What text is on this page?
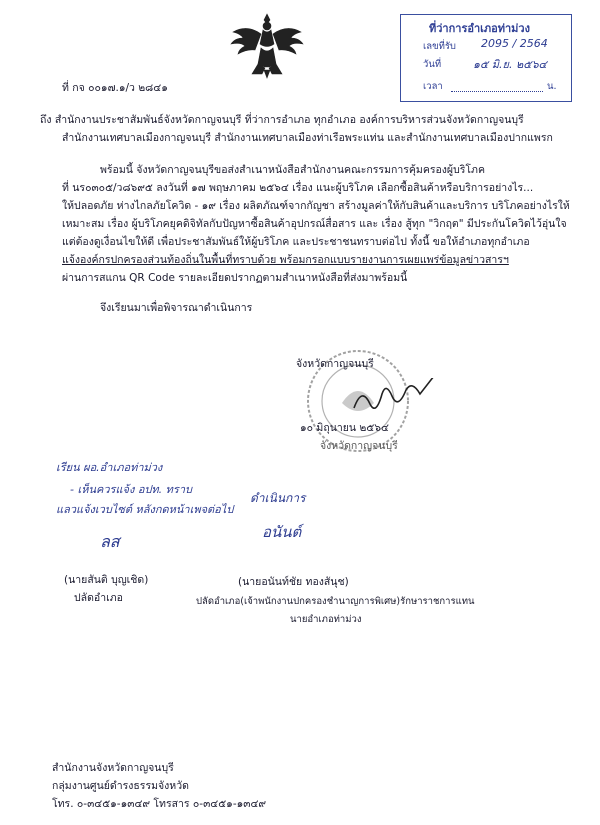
ที่ว่าการอำเภอท่าม่วง
เลขที่รับ 2095 / 2564
วันที่	๑๕ มิ.ย. ๒๕๖๔
เวลา	น.
ที่ กจ ๐๐๑๗.๑/ว ๒๘๔๑
ถึง สำนักงานประชาสัมพันธ์จังหวัดกาญจนบุรี ที่ว่าการอำเภอ ทุกอำเภอ องค์การบริหารส่วนจังหวัดกาญจนบุรี
สำนักงานเทศบาลเมืองกาญจนบุรี สำนักงานเทศบาลเมืองท่าเรือพระแท่น และสำนักงานเทศบาลเมืองปากแพรก
พร้อมนี้ จังหวัดกาญจนบุรีขอส่งสำเนาหนังสือสำนักงานคณะกรรมการคุ้มครองผู้บริโภค
ที่ นร๐๓๐๕/ว๘๖๙๕ ลงวันที่ ๑๗ พฤษภาคม ๒๕๖๔ เรื่อง แนะผู้บริโภค เลือกซื้อสินค้าหรือบริการอย่างไร...
ให้ปลอดภัย ห่างไกลภัยโควิด - ๑๙ เรื่อง ผลิตภัณฑ์จากกัญชา สร้างมูลค่าให้กับสินค้าและบริการ บริโภคอย่างไรให้
เหมาะสม เรื่อง ผู้บริโภคยุคดิจิทัลกับปัญหาซื้อสินค้าอุปกรณ์สื่อสาร และ เรื่อง สู้ทุก "วิกฤต" มีประกันโควิดไว้อุ่นใจ
แต่ต้องดูเงื่อนไขให้ดี เพื่อประชาสัมพันธ์ให้ผู้บริโภค และประชาชนทราบต่อไป ทั้งนี้ ขอให้อำเภอทุกอำเภอ
แจ้งองค์กรปกครองส่วนท้องถิ่นในพื้นที่ทราบด้วย พร้อมกรอกแบบรายงานการเผยแพร่ข้อมูลข่าวสารฯ
ผ่านการสแกน QR Code รายละเอียดปรากฏตามสำเนาหนังสือที่ส่งมาพร้อมนี้
จึงเรียนมาเพื่อพิจารณาดำเนินการ
จังหวัดกาญจนบุรี
๑๐ มิถุนายน ๒๕๖๔
จังหวัดกาญจนบุรี
เรียน ผอ.อำเภอท่าม่วง
- เห็นควรแจ้ง อปท. ทราบ
แลวแจ้งเวบไซต์ หลังกดหน้าเพจต่อไป
ลส
ดำเนินการ
อนันต์
(นายสันติ บุญเชิด)
ปลัดอำเภอ
(นายอนันท์ชัย ทองสันุช)
ปลัดอำเภอ(เจ้าพนักงานปกครองชำนาญการพิเศษ)รักษาราชการแทน
นายอำเภอท่าม่วง
สำนักงานจังหวัดกาญจนบุรี
กลุ่มงานศูนย์ดำรงธรรมจังหวัด
โทร. ๐-๓๔๕๑-๑๓๔๙ โทรสาร ๐-๓๔๕๑-๑๓๔๙
